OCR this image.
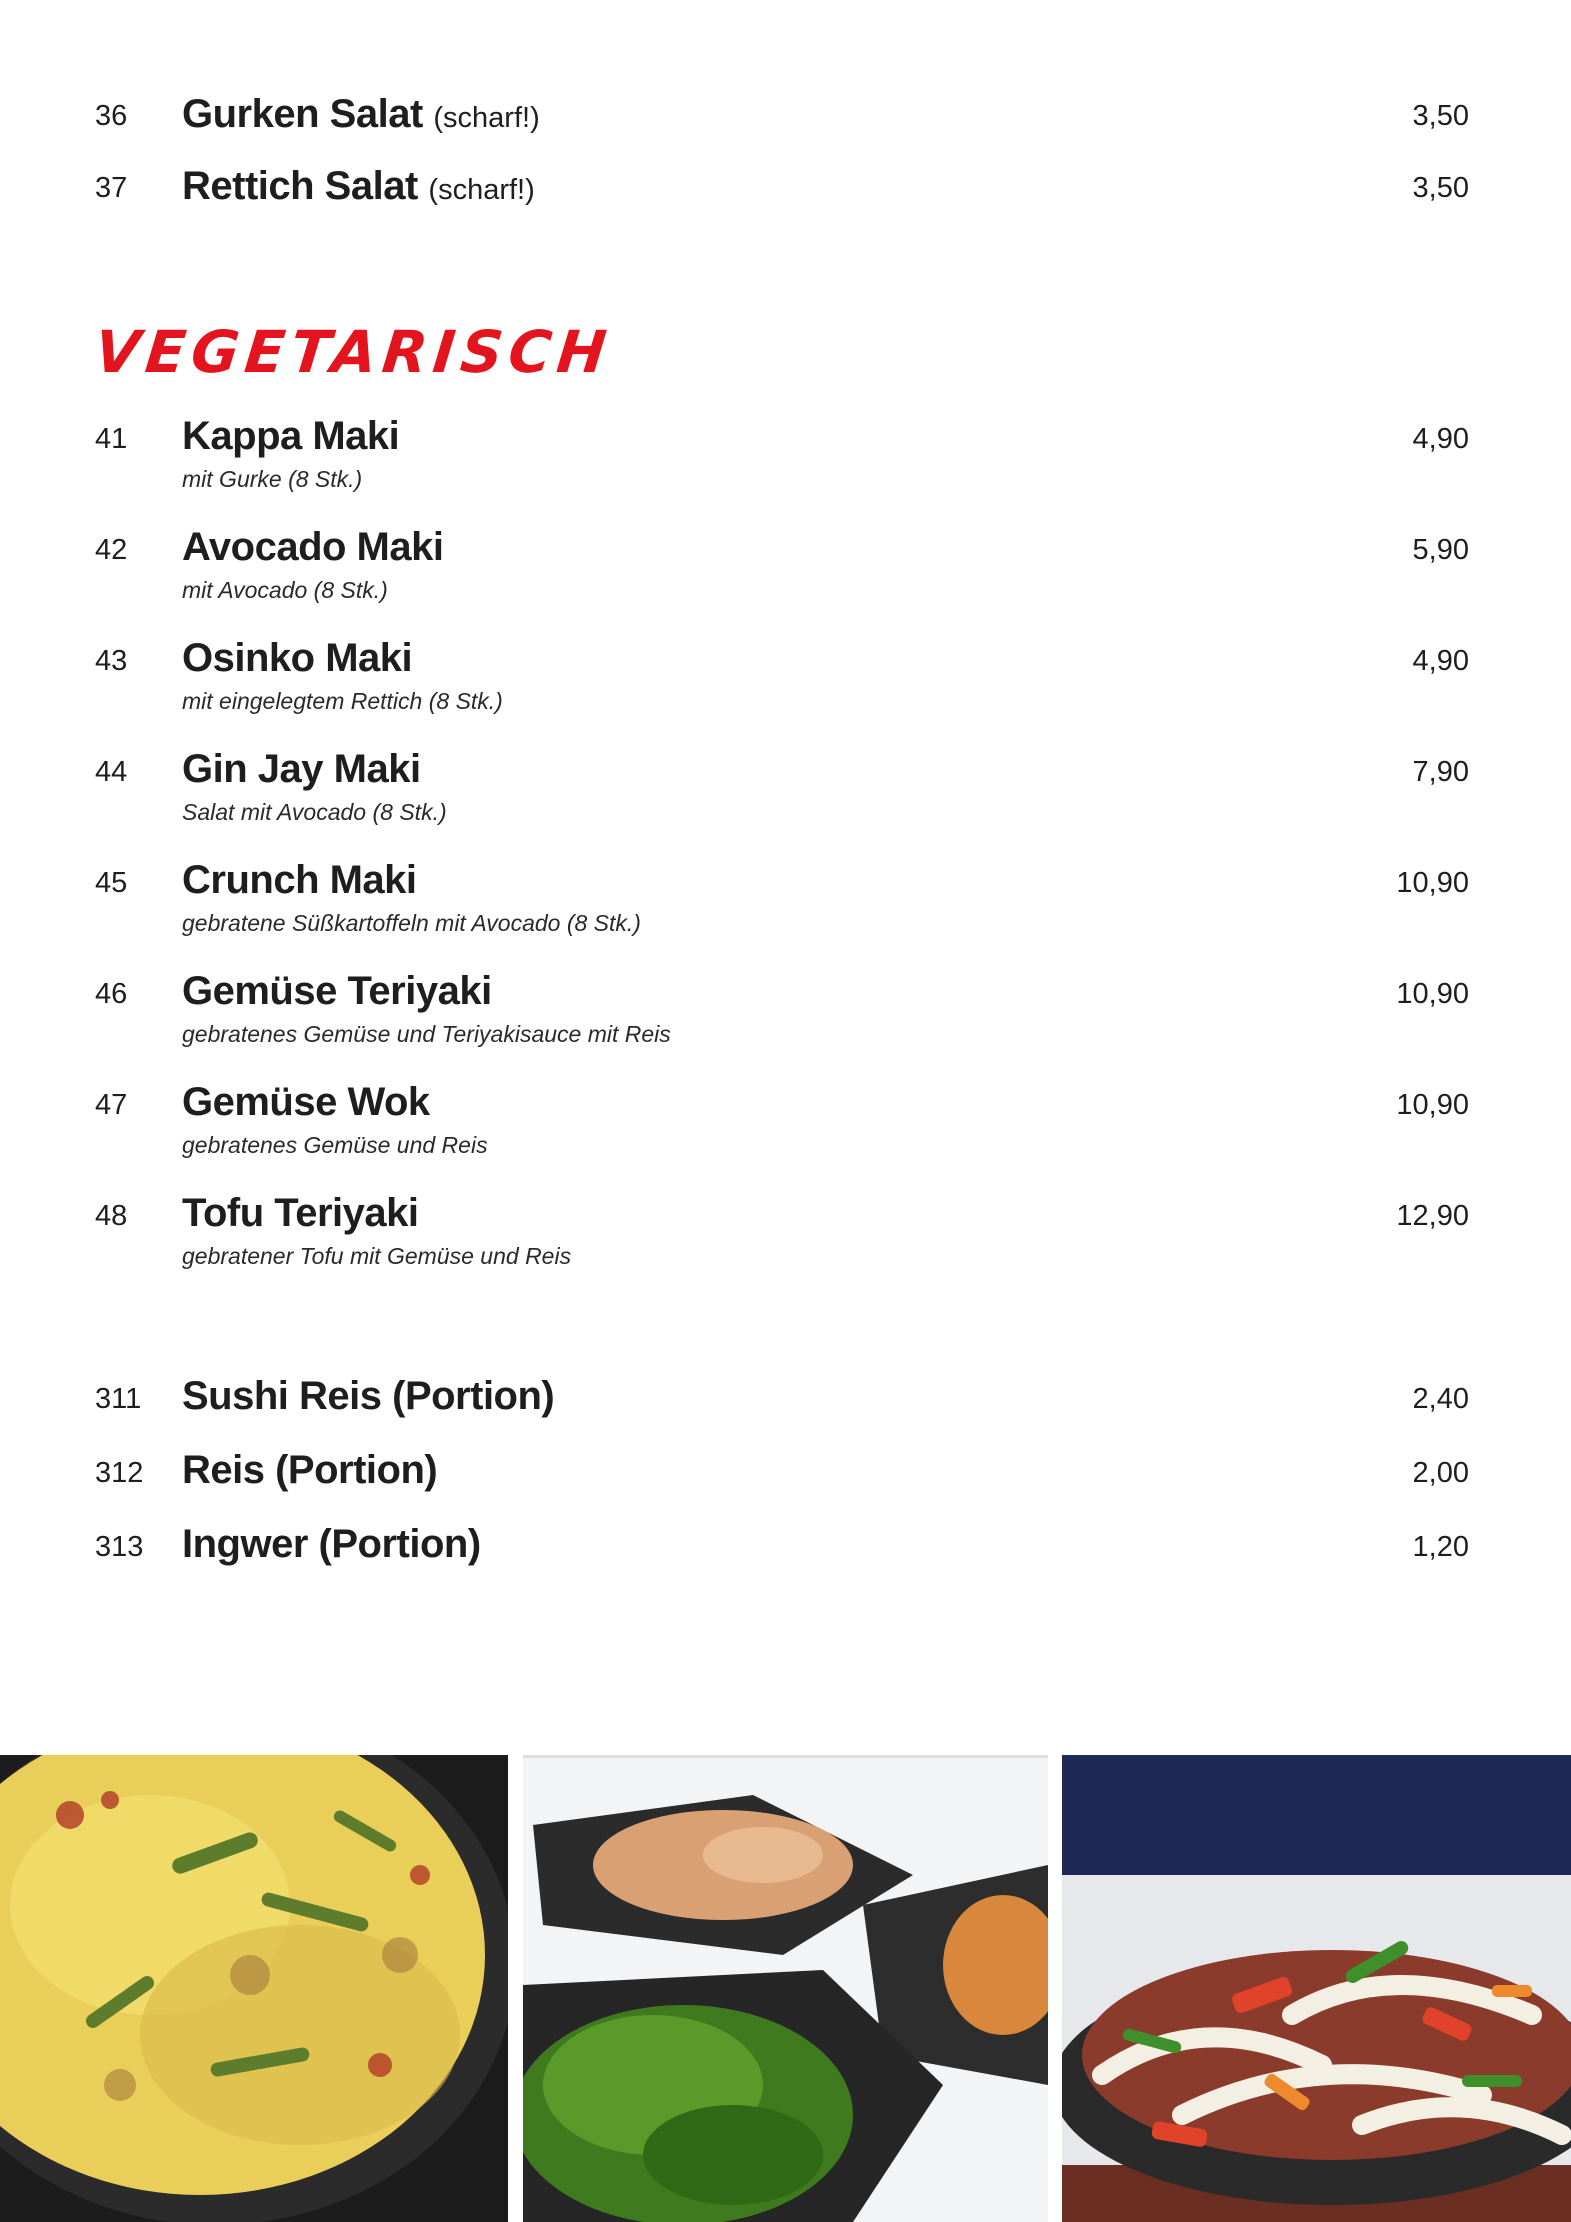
36 Gurken Salat (scharf!)	3,50
37 Rettich Salat (scharf!)	3,50
VEGETARISCH
41 Kappa Maki	4,90
mit Gurke (8 Stk.)
42 Avocado Maki	5,90
mit Avocado (8 Stk.)
43 Osinko Maki	4,90
mit eingelegtem Rettich (8 Stk.)
44 Gin Jay Maki	7,90
Salat mit Avocado (8 Stk.)
45 Crunch Maki	10,90
gebratene Süßkartoffeln mit Avocado (8 Stk.)
46 Gemüse Teriyaki	10,90
gebratenes Gemüse und Teriyakisauce mit Reis
47 Gemüse Wok	10,90
gebratenes Gemüse und Reis
48 Tofu Teriyaki	12,90
gebratener Tofu mit Gemüse und Reis
311 Sushi Reis (Portion)	2,40
312 Reis (Portion)	2,00
313 Ingwer (Portion)	1,20
